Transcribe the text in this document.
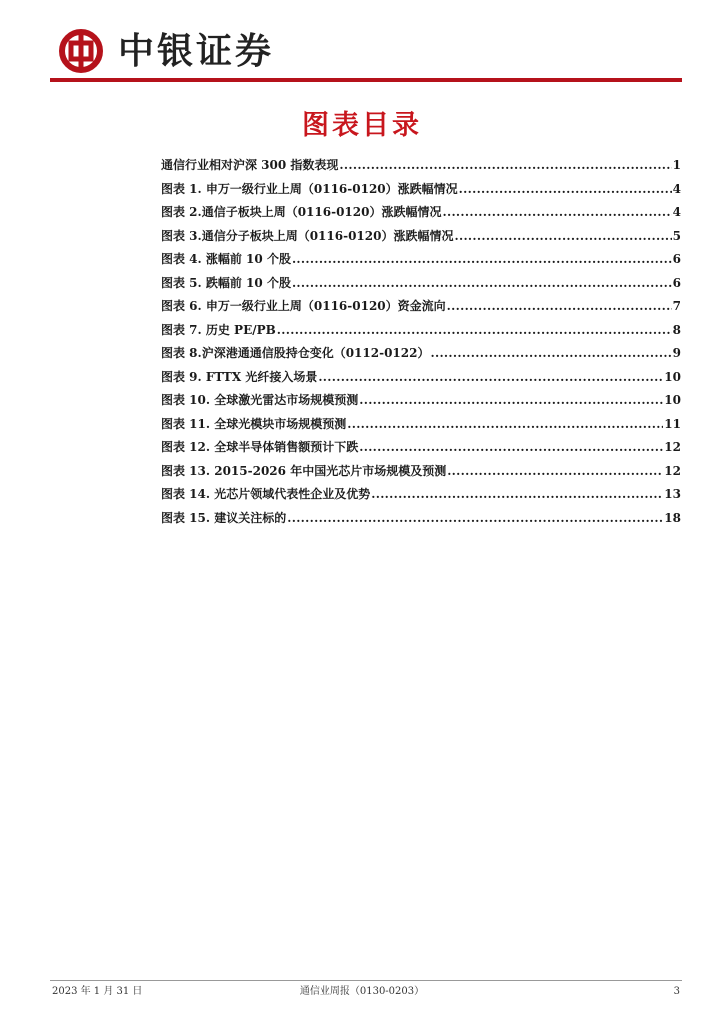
中银证券
图表目录
通信行业相对沪深 300 指数表现 .....	1
图表 1. 申万一级行业上周（0116-0120）涨跌幅情况 .....	4
图表 2.通信子板块上周（0116-0120）涨跌幅情况 .....	4
图表 3.通信分子板块上周（0116-0120）涨跌幅情况 .....	5
图表 4. 涨幅前 10 个股 .....	6
图表 5. 跌幅前 10 个股 .....	6
图表 6. 申万一级行业上周（0116-0120）资金流向 .....	7
图表 7. 历史 PE/PB .....	8
图表 8.沪深港通通信股持仓变化（0112-0122） .....	9
图表 9. FTTX 光纤接入场景 .....	10
图表 10. 全球激光雷达市场规模预测 .....	10
图表 11. 全球光模块市场规模预测 .....	11
图表 12. 全球半导体销售额预计下跌 .....	12
图表 13. 2015-2026 年中国光芯片市场规模及预测 .....	12
图表 14. 光芯片领域代表性企业及优势 .....	13
图表 15. 建议关注标的 .....	18
2023 年 1 月 31 日	通信业周报（0130-0203）	3
